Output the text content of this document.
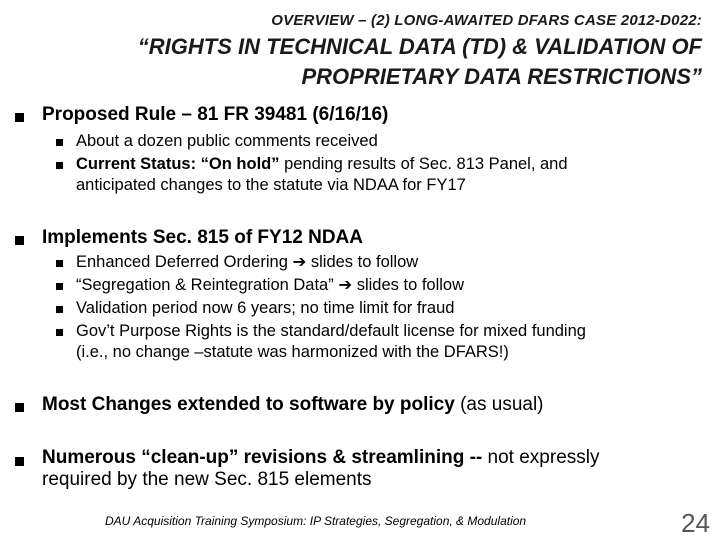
OVERVIEW – (2) LONG-AWAITED DFARS CASE 2012-D022:
“RIGHTS IN TECHNICAL DATA (TD) & VALIDATION OF
PROPRIETARY DATA RESTRICTIONS”
Proposed Rule – 81 FR 39481 (6/16/16)
About a dozen public comments received
Current Status: “On hold” pending results of Sec. 813 Panel, and
anticipated changes to the statute via NDAA for FY17
Implements Sec. 815 of FY12 NDAA
Enhanced Deferred Ordering ➔ slides to follow
“Segregation & Reintegration Data” ➔ slides to follow
Validation period now 6 years; no time limit for fraud
Gov’t Purpose Rights is the standard/default license for mixed funding
(i.e., no change –statute was harmonized with the DFARS!)
Most Changes extended to software by policy (as usual)
Numerous “clean-up” revisions & streamlining -- not expressly
required by the new Sec. 815 elements
DAU Acquisition Training Symposium: IP Strategies, Segregation, & Modulation	24
